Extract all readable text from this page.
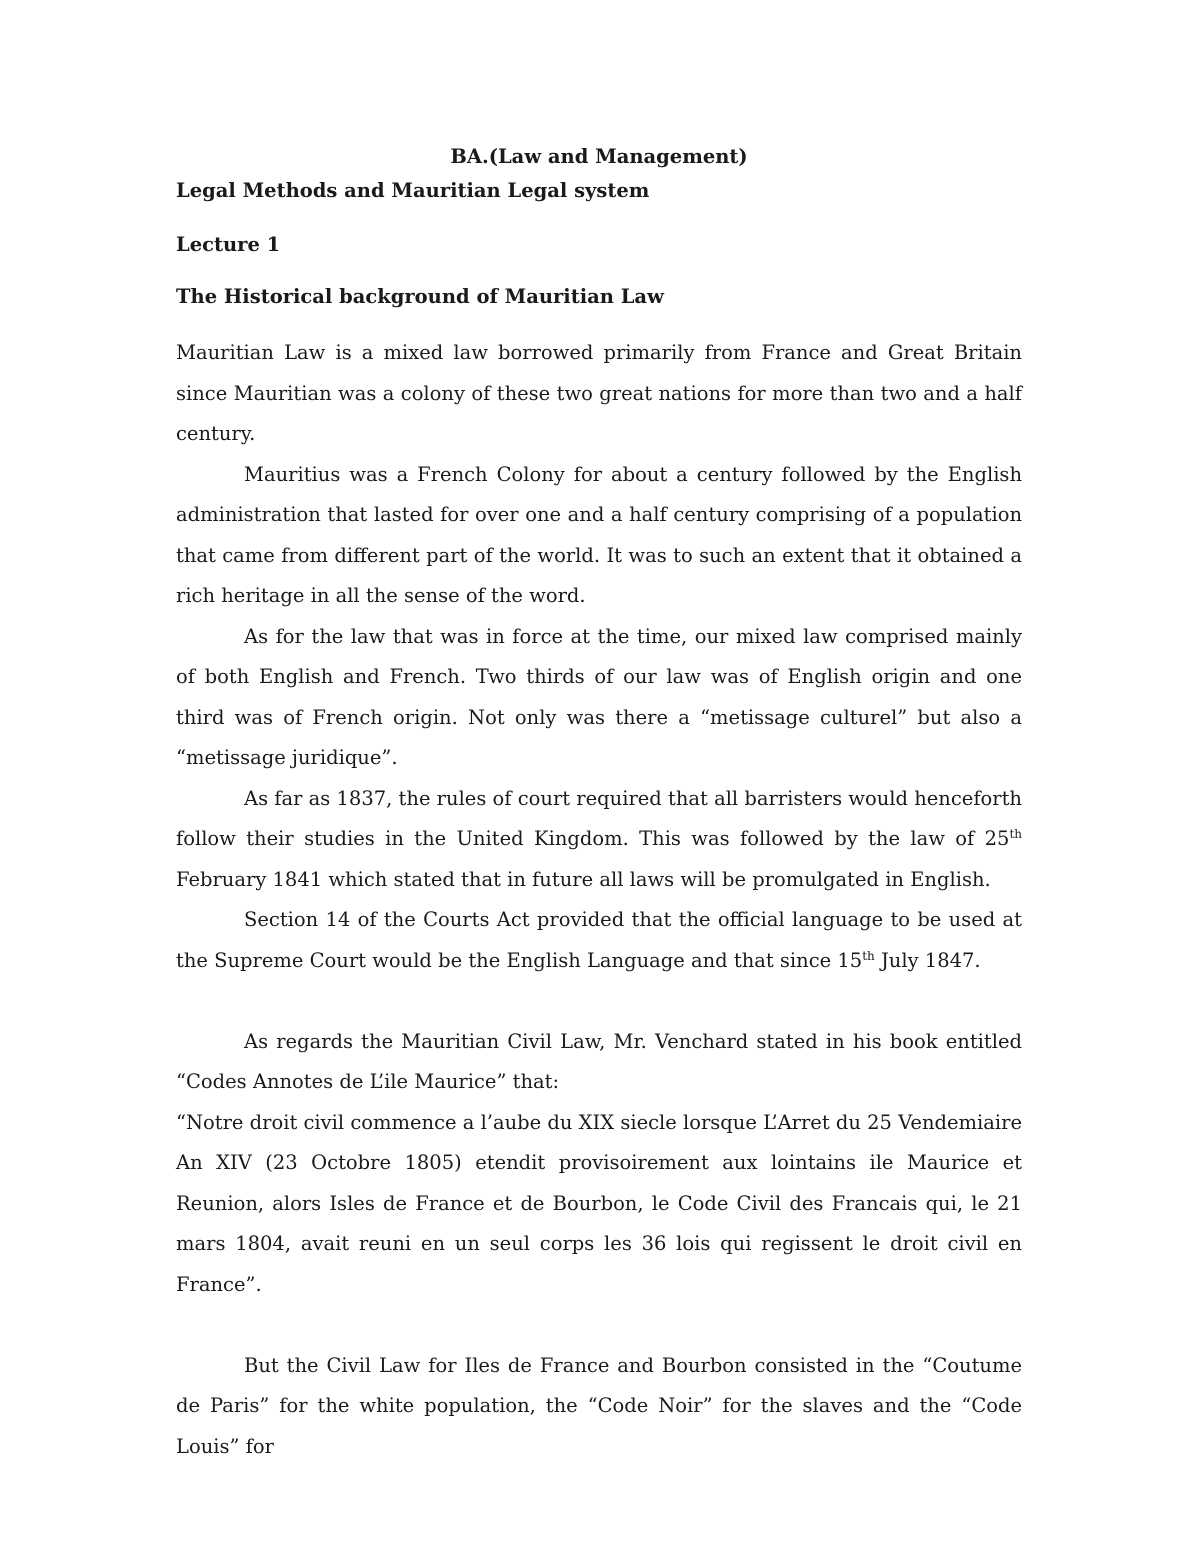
BA.(Law and Management)

Legal Methods and Mauritian Legal system

Lecture 1

The Historical background of Mauritian Law

Mauritian Law is a mixed law borrowed primarily from France and Great Britain since Mauritian was a colony of these two great nations for more than two and a half century.

Mauritius was a French Colony for about a century followed by the English administration that lasted for over one and a half century comprising of a population that came from different part of the world. It was to such an extent that it obtained a rich heritage in all the sense of the word.

As for the law that was in force at the time, our mixed law comprised mainly of both English and French. Two thirds of our law was of English origin and one third was of French origin. Not only was there a “metissage culturel” but also a “metissage juridique”.

As far as 1837, the rules of court required that all barristers would henceforth follow their studies in the United Kingdom. This was followed by the law of 25th February 1841 which stated that in future all laws will be promulgated in English.

Section 14 of the Courts Act provided that the official language to be used at the Supreme Court would be the English Language and that since 15th July 1847.

As regards the Mauritian Civil Law, Mr. Venchard stated in his book entitled “Codes Annotes de L’ile Maurice” that:

“Notre droit civil commence a l’aube du XIX siecle lorsque L’Arret du 25 Vendemiaire An XIV (23 Octobre 1805) etendit provisoirement aux lointains ile Maurice et Reunion, alors Isles de France et de Bourbon, le Code Civil des Francais qui, le 21 mars 1804, avait reuni en un seul corps les 36 lois qui regissent le droit civil en France”.

But the Civil Law for Iles de France and Bourbon consisted in the “Coutume de Paris” for the white population, the “Code Noir” for the slaves and the “Code Louis” for
